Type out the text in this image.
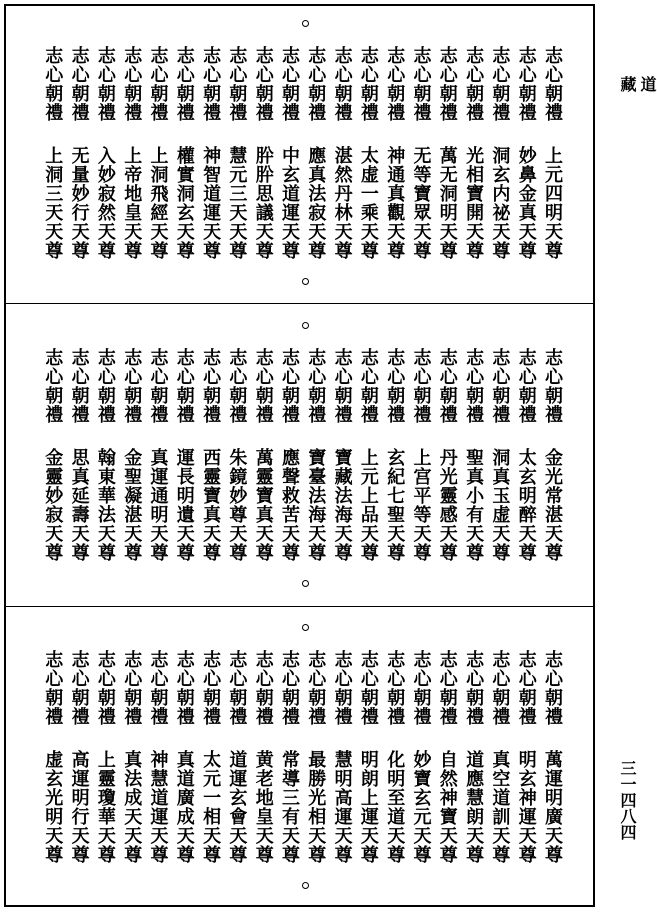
道
藏
三一四八四
志心朝禮
上元四明天尊
志心朝禮
妙鼻金真天尊
志心朝禮
洞玄内祕天尊
志心朝禮
光相寶開天尊
志心朝禮
萬无洞明天尊
志心朝禮
无等寶眾天尊
志心朝禮
神通真觀天尊
志心朝禮
太虚一乘天尊
志心朝禮
湛然丹林天尊
志心朝禮
應真法寂天尊
志心朝禮
中玄道運天尊
志心朝禮
肸肸思議天尊
志心朝禮
慧元三天天尊
志心朝禮
神智道運天尊
志心朝禮
權實洞玄天尊
志心朝禮
上洞飛經天尊
志心朝禮
上帝地皇天尊
志心朝禮
入妙寂然天尊
志心朝禮
无量妙行天尊
志心朝禮
上洞三天天尊
志心朝禮
金光常湛天尊
志心朝禮
太玄明醉天尊
志心朝禮
洞真玉虚天尊
志心朝禮
聖真小有天尊
志心朝禮
丹光靈感天尊
志心朝禮
上宫平等天尊
志心朝禮
玄紀七聖天尊
志心朝禮
上元上品天尊
志心朝禮
寶藏法海天尊
志心朝禮
寶臺法海天尊
志心朝禮
應聲救苦天尊
志心朝禮
萬靈寶真天尊
志心朝禮
朱鏡妙尊天尊
志心朝禮
西靈寶真天尊
志心朝禮
運長明遺天尊
志心朝禮
真運通明天尊
志心朝禮
金聖凝湛天尊
志心朝禮
翰東華法天尊
志心朝禮
思真延壽天尊
志心朝禮
金靈妙寂天尊
志心朝禮
萬運明廣天尊
志心朝禮
明玄神運天尊
志心朝禮
真空道訓天尊
志心朝禮
道應慧朗天尊
志心朝禮
自然神寶天尊
志心朝禮
妙寶玄元天尊
志心朝禮
化明至道天尊
志心朝禮
明朗上運天尊
志心朝禮
慧明高運天尊
志心朝禮
最勝光相天尊
志心朝禮
常導三有天尊
志心朝禮
黄老地皇天尊
志心朝禮
道運玄會天尊
志心朝禮
太元一相天尊
志心朝禮
真道廣成天尊
志心朝禮
神慧道運天尊
志心朝禮
真法成天天尊
志心朝禮
上靈瓊華天尊
志心朝禮
高運明行天尊
志心朝禮
虚玄光明天尊
